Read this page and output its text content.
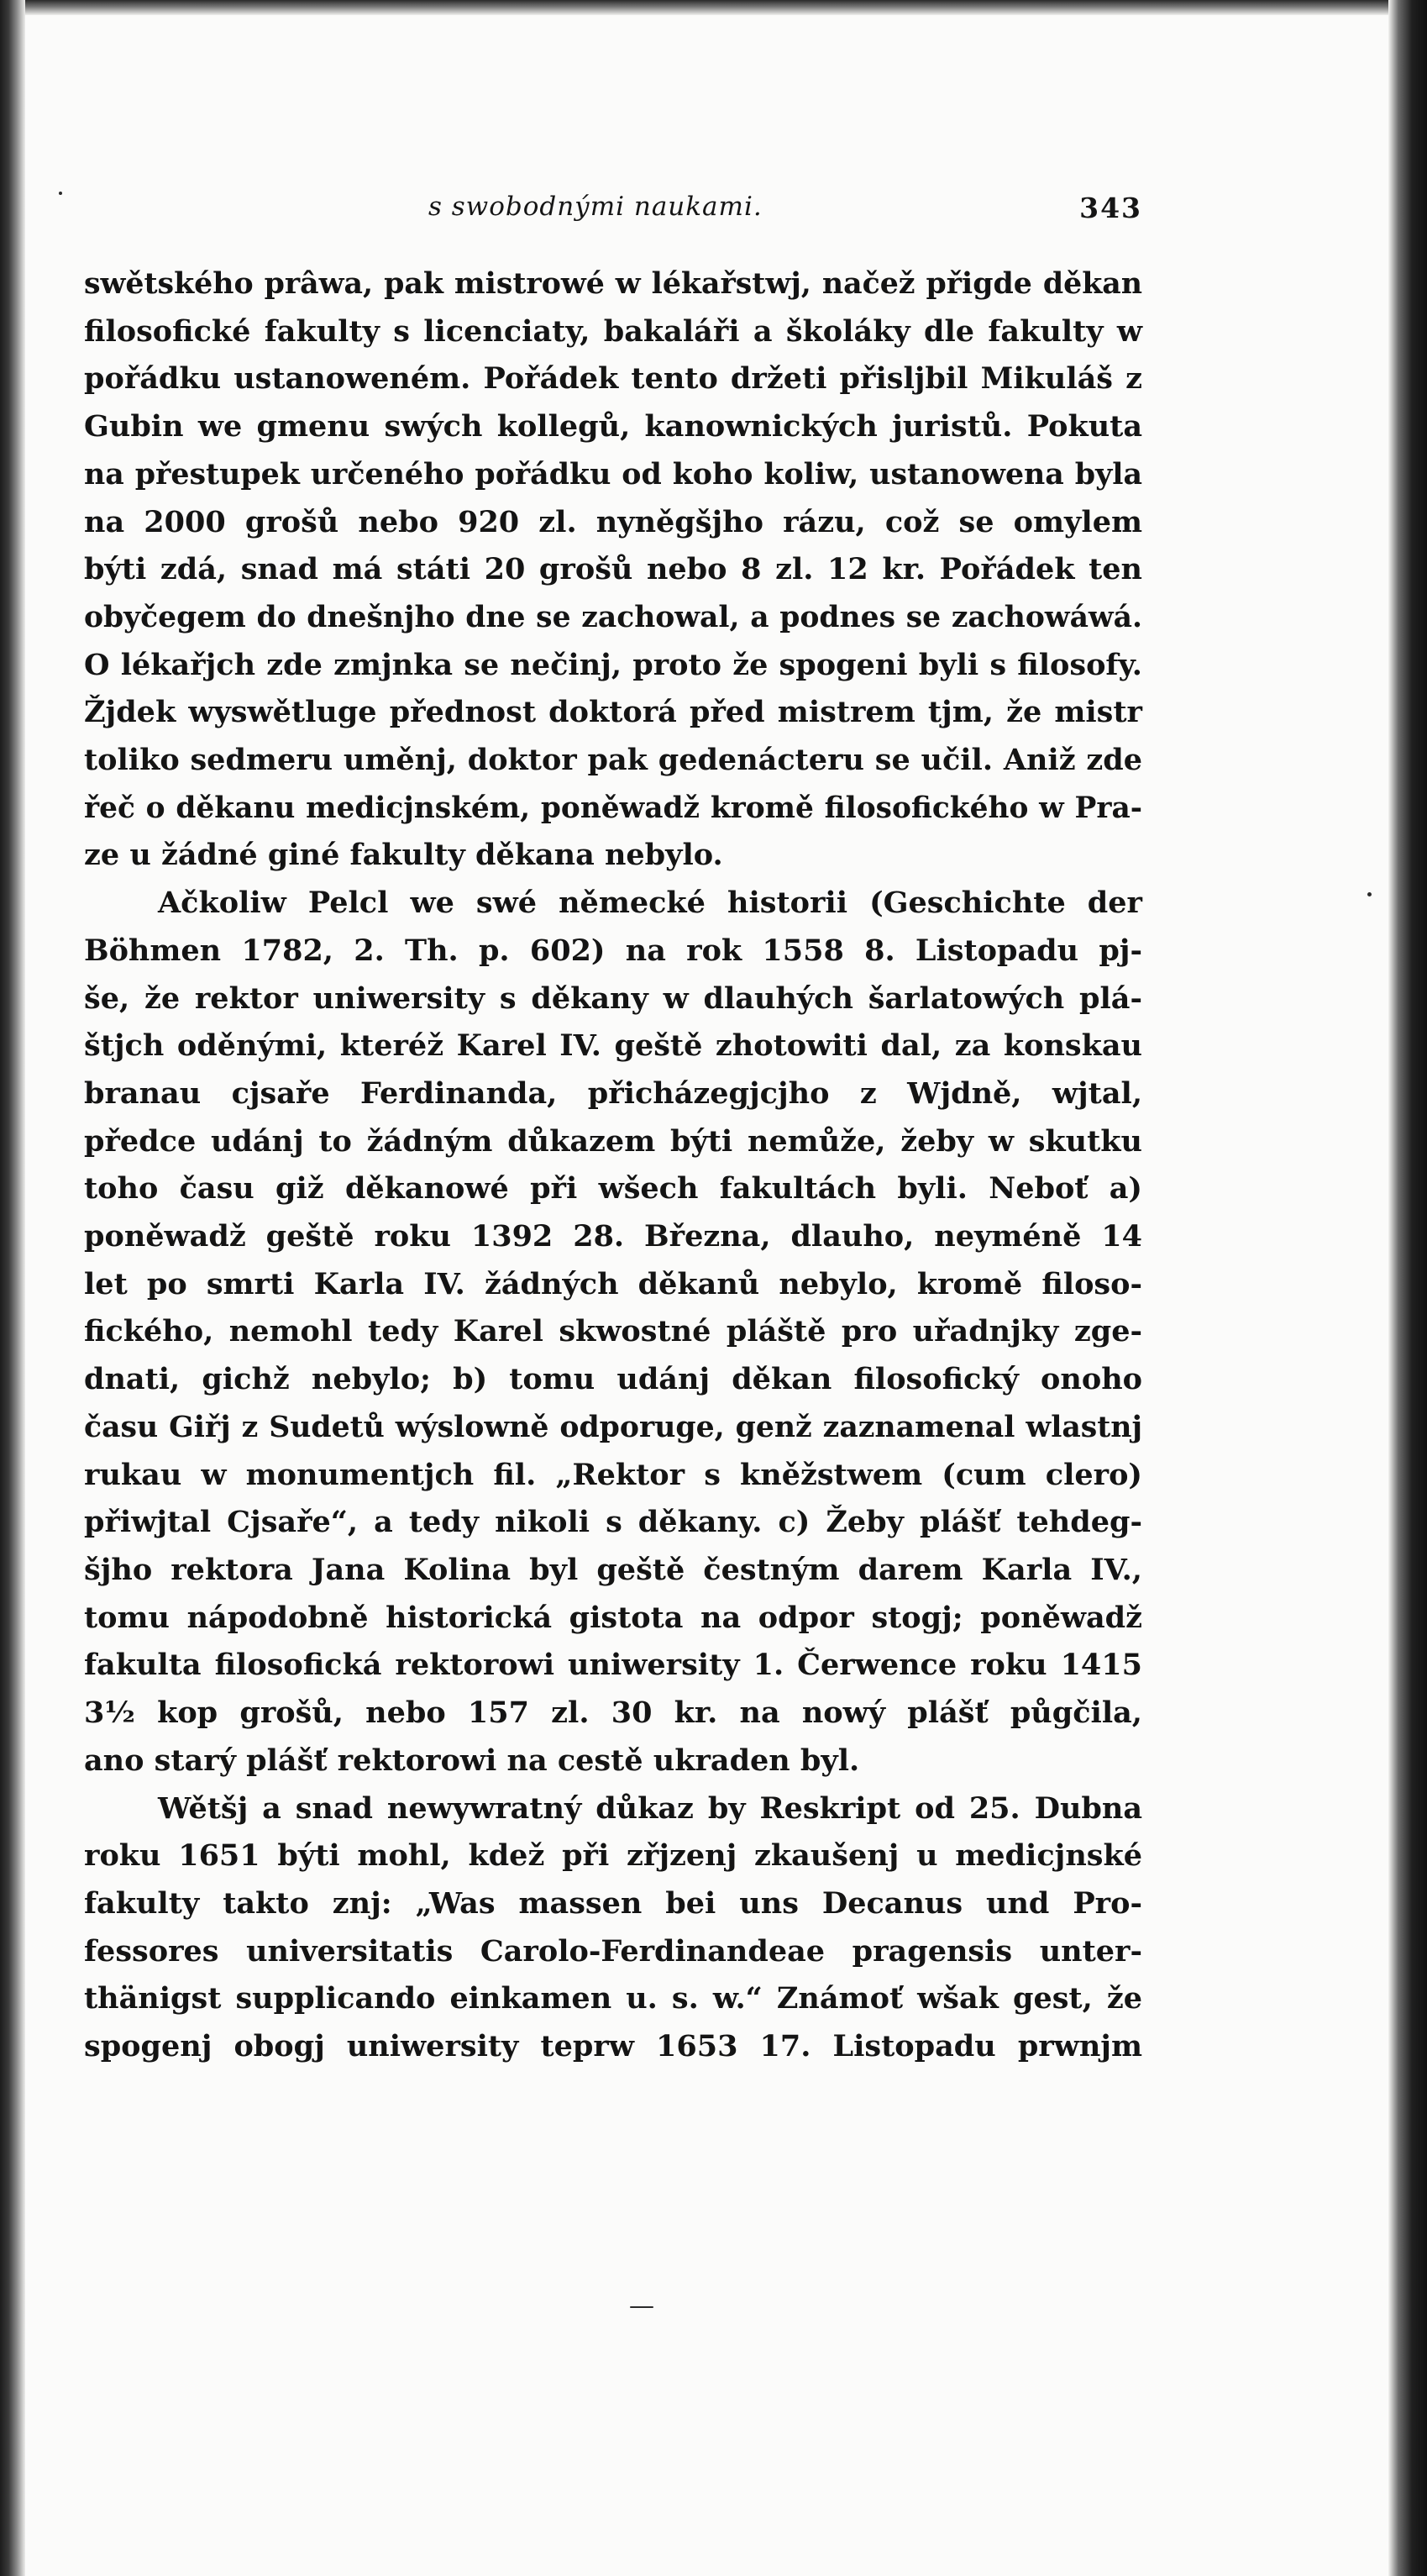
s swobodnými naukami.	343
swětského prâwa, pak mistrowé w lékařstwj, načež přigde děkan
filosofické fakulty s licenciaty, bakaláři a školáky dle fakulty w
pořádku ustanoweném. Pořádek tento držeti přislјbil Mikuláš z
Gubin we gmenu swých kollegů, kanownických juristů. Pokuta
na přestupek určeného pořádku od koho koliw, ustanowena byla
na 2000 grošů nebo 920 zl. nyněgšjho rázu, což se omylem
býti zdá, snad má státi 20 grošů nebo 8 zl. 12 kr. Pořádek ten
obyčegem do dnešnjho dne se zachowal, a podnes se zachowáwá.
O lékařjch zde zmjnka se nečinj, proto že spogeni byli s filosofy.
Žjdek wyswětluge přednost doktorá před mistrem tjm, že mistr
toliko sedmeru uměnj, doktor pak gedenácteru se učil. Aniž zde
řeč o děkanu medicjnském, poněwadž kromě filosofického w Pra-
ze u žádné giné fakulty děkana nebylo.
Ačkoliw Pelcl we swé německé historii (Geschichte der
Böhmen 1782, 2. Th. p. 602) na rok 1558 8. Listopadu pj-
še, že rektor uniwersity s děkany w dlauhých šarlatowých plá-
štjch oděnými, kteréž Karel IV. geště zhotowiti dal, za konskau
branau cjsaře Ferdinanda, přicházegjcjho z Wjdně, wjtal,
předce udánj to žádným důkazem býti nemůže, žeby w skutku
toho času giž děkanowé při wšech fakultách byli. Neboť a)
poněwadž geště roku 1392 28. Března, dlauho, neyméně 14
let po smrti Karla IV. žádných děkanů nebylo, kromě filoso-
fického, nemohl tedy Karel skwostné pláště pro uřadnjky zge-
dnati, gichž nebylo; b) tomu udánj děkan filosofický onoho
času Giřj z Sudetů wýslowně odporuge, genž zaznamenal wlastnj
rukau w monumentjch fil. „Rektor s kněžstwem (cum clero)
přiwjtal Cjsaře“, a tedy nikoli s děkany. c) Žeby plášť tehdeg-
šjho rektora Jana Kolina byl geště čestným darem Karla IV.,
tomu nápodobně historická gistota na odpor stogj; poněwadž
fakulta filosofická rektorowi uniwersity 1. Čerwence roku 1415
3½ kop grošů, nebo 157 zl. 30 kr. na nowý plášť půgčila,
ano starý plášť rektorowi na cestě ukraden byl.
Wětšj a snad newywratný důkaz by Reskript od 25. Dubna
roku 1651 býti mohl, kdež při zřjzenj zkaušenj u medicjnské
fakulty takto znj: „Was massen bei uns Decanus und Pro-
fessores universitatis Carolo-Ferdinandeae pragensis unter-
thänigst supplicando einkamen u. s. w.“ Známoť wšak gest, že
spogenj obogj uniwersity teprw 1653 17. Listopadu prwnjm
